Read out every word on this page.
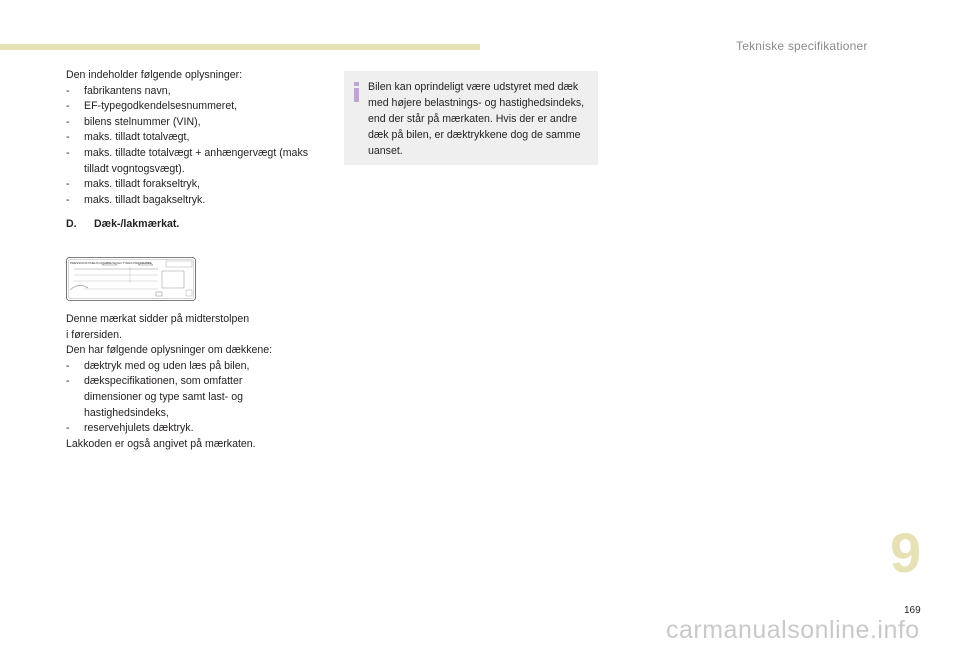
Tekniske specifikationer
Den indeholder følgende oplysninger:
- fabrikantens navn,
- EF-typegodkendelsesnummeret,
- bilens stelnummer (VIN),
- maks. tilladt totalvægt,
- maks. tilladte totalvægt + anhængervægt (maks tilladt vogntogsvægt).
- maks. tilladt forakseltryk,
- maks. tilladt bagakseltryk.
D. Dæk-/lakmærkat.
PRESSIONS PNEUS FROIDS / COLD TYRES PRESSURES
Denne mærkat sidder på midterstolpen
i førersiden.
Den har følgende oplysninger om dækkene:
- dæktryk med og uden læs på bilen,
- dækspecifikationen, som omfatter dimensioner og type samt last- og hastighedsindeks,
- reservehjulets dæktryk.
Lakkoden er også angivet på mærkaten.
Bilen kan oprindeligt være udstyret med dæk med højere belastnings- og hastighedsindeks, end der står på mærkaten. Hvis der er andre dæk på bilen, er dæktrykkene dog de samme uanset.
9
169
carmanualsonline.info
